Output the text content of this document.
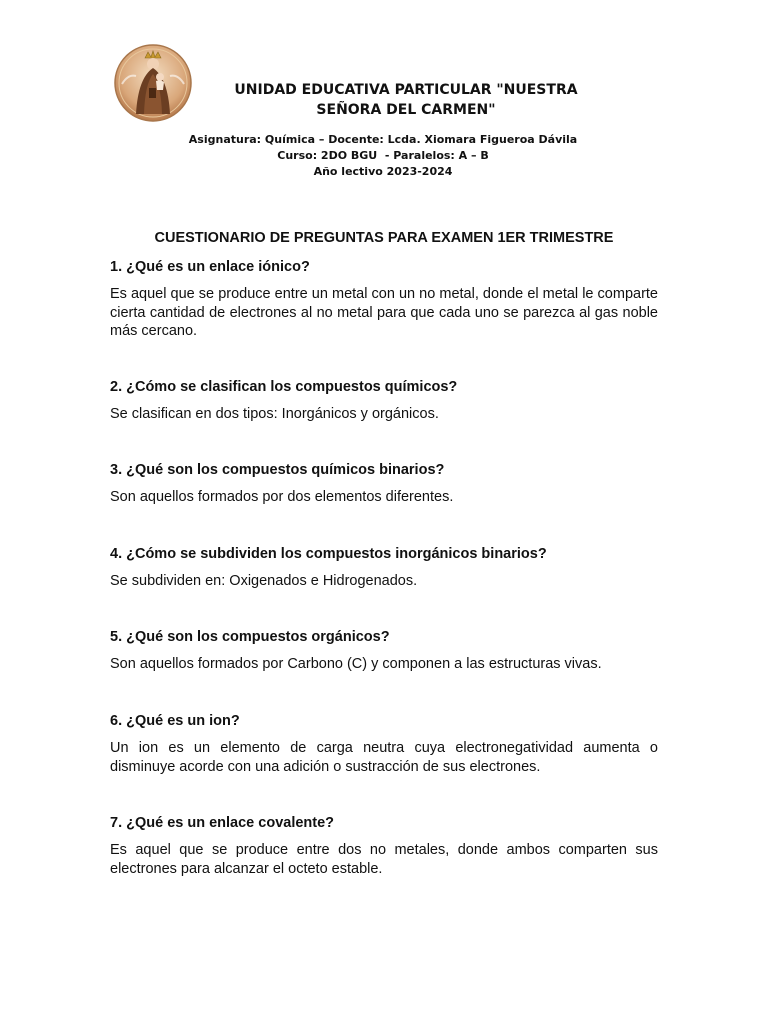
UNIDAD EDUCATIVA PARTICULAR "NUESTRA
SEÑORA DEL CARMEN"
Asignatura: Química – Docente: Lcda. Xiomara Figueroa Dávila
Curso: 2DO BGU  - Paralelos: A – B
Año lectivo 2023-2024
CUESTIONARIO DE PREGUNTAS PARA EXAMEN 1ER TRIMESTRE

1. ¿Qué es un enlace iónico?

Es aquel que se produce entre un metal con un no metal, donde el metal le comparte cierta cantidad de electrones al no metal para que cada uno se parezca al gas noble más cercano.

2. ¿Cómo se clasifican los compuestos químicos?

Se clasifican en dos tipos: Inorgánicos y orgánicos.

3. ¿Qué son los compuestos químicos binarios?

Son aquellos formados por dos elementos diferentes.

4. ¿Cómo se subdividen los compuestos inorgánicos binarios?

Se subdividen en: Oxigenados e Hidrogenados.

5. ¿Qué son los compuestos orgánicos?

Son aquellos formados por Carbono (C) y componen a las estructuras vivas.

6. ¿Qué es un ion?

Un ion es un elemento de carga neutra cuya electronegatividad aumenta o disminuye acorde con una adición o sustracción de sus electrones.

7. ¿Qué es un enlace covalente?

Es aquel que se produce entre dos no metales, donde ambos comparten sus electrones para alcanzar el octeto estable.
